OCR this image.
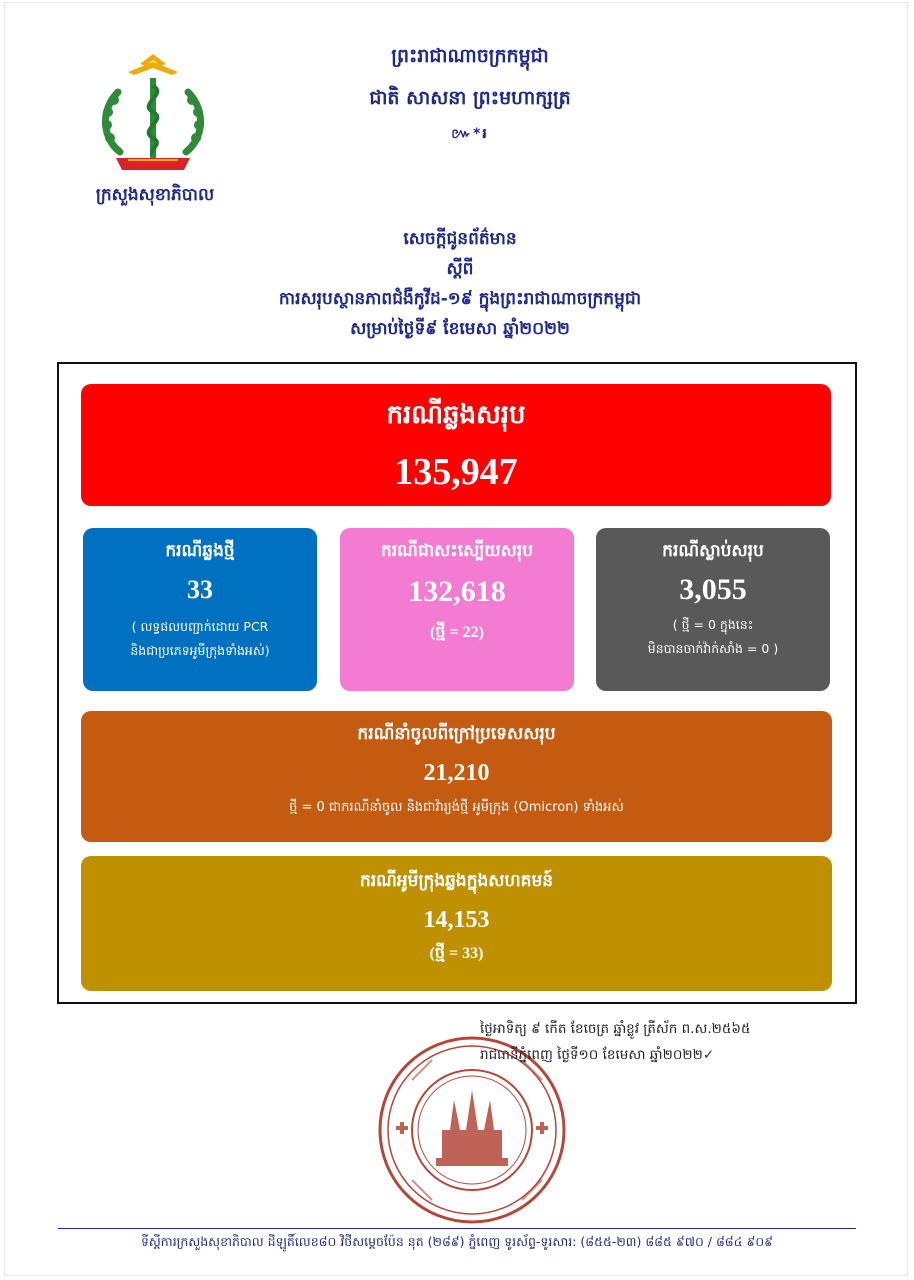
ក្រសួងសុខាភិបាល
ព្រះរាជាណាចក្រកម្ពុជា
ជាតិ សាសនា ព្រះមហាក្សត្រ
៚*៛
សេចក្តីជូនព័ត៌មាន
ស្តីពី
ការសរុបស្ថានភាពជំងឺកូវីដ-១៩ ក្នុងព្រះរាជាណាចក្រកម្ពុជា
សម្រាប់ថ្ងៃទី៩ ខែមេសា ឆ្នាំ២០២២
ករណីឆ្លងសរុប
135,947
ករណីឆ្លងថ្មី
33
( លទ្ធផលបញ្ជាក់ដោយ PCR
និងជាប្រភេទអូមីក្រុងទាំងអស់)
ករណីជាសះស្បើយសរុប
132,618
(ថ្មី = 22)
ករណីស្លាប់សរុប
3,055
( ថ្មី = 0 ក្នុងនេះ
មិនបានចាក់វ៉ាក់សាំង = 0 )
ករណីនាំចូលពីក្រៅប្រទេសសរុប
21,210
ថ្មី = 0 ជាករណីនាំចូល និងជាវ៉ារ្យង់ថ្មី អូមីក្រុង (Omicron) ទាំងអស់
ករណីអូមីក្រុងឆ្លងក្នុងសហគមន៍
14,153
(ថ្មី = 33)
ថ្ងៃអាទិត្យ ៩ កើត ខែចេត្រ ឆ្នាំខ្លូវ ត្រីស័ក ព.ស.២៥៦៥
រាជធានីភ្នំពេញ ថ្ងៃទី១០ ខែមេសា ឆ្នាំ២០២២✓
ទីស្តីការក្រសួងសុខាភិបាល ដីឡូតិ៍លេខ៨០ វិថីសម្តេចប៉ែន នុត (២៨៩) ភ្នំពេញ ទូរស័ព្ទ-ទូរសារ: (៨៥៥-២៣) ៨៨៥ ៩៧០ / ៨៨៤ ៩០៩
